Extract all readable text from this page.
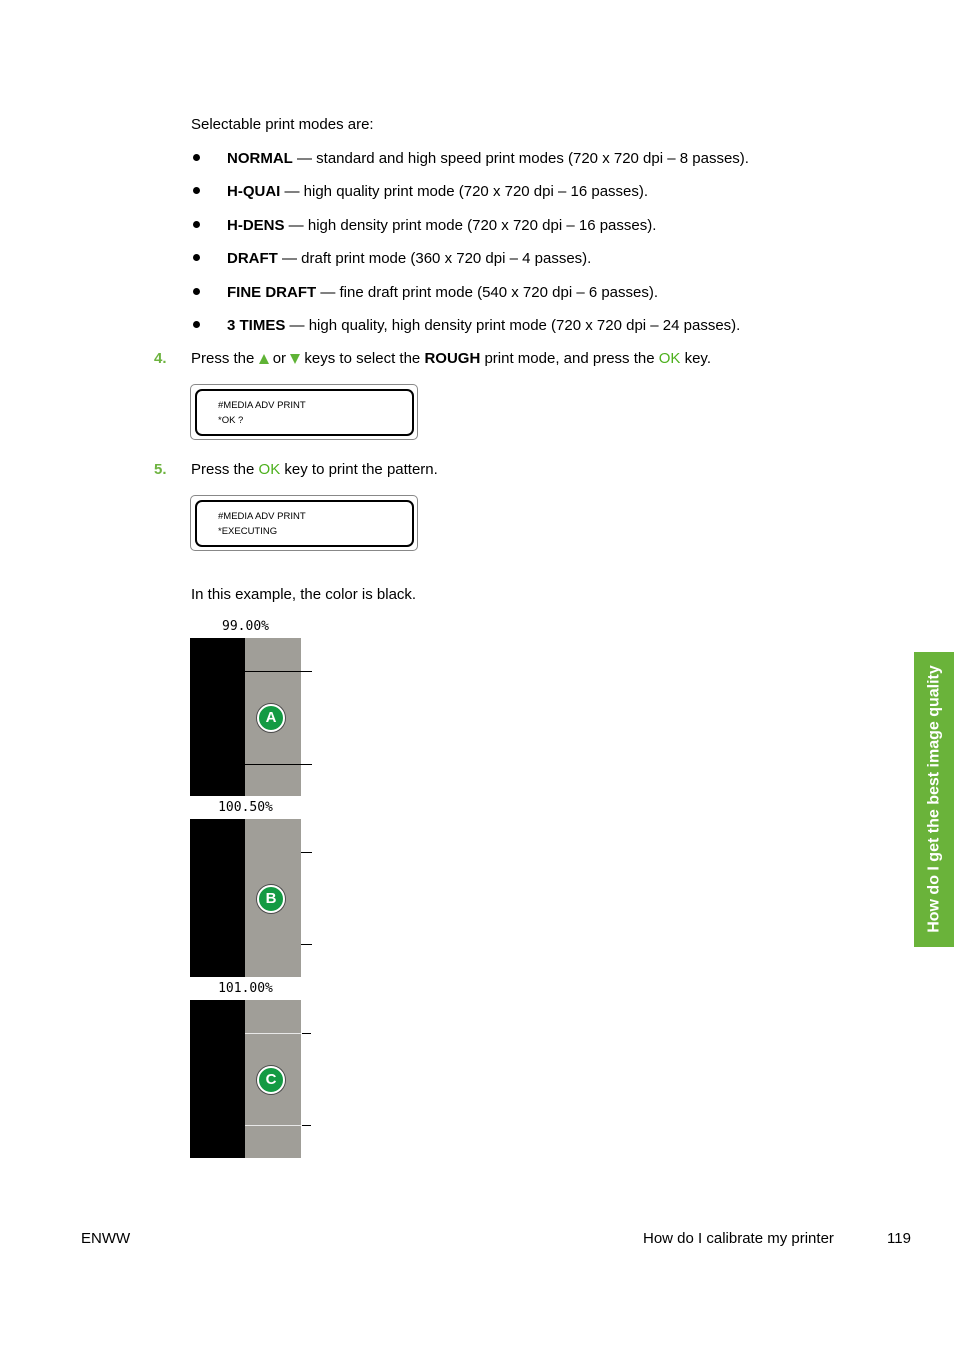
Selectable print modes are:
NORMAL — standard and high speed print modes (720 x 720 dpi – 8 passes).
H-QUAI — high quality print mode (720 x 720 dpi – 16 passes).
H-DENS — high density print mode (720 x 720 dpi – 16 passes).
DRAFT — draft print mode (360 x 720 dpi – 4 passes).
FINE DRAFT — fine draft print mode (540 x 720 dpi – 6 passes).
3 TIMES — high quality, high density print mode (720 x 720 dpi – 24 passes).
4. Press the  or  keys to select the ROUGH print mode, and press the OK key.
#MEDIA ADV PRINT
*OK ?
5. Press the OK key to print the pattern.
#MEDIA ADV PRINT
*EXECUTING
In this example, the color is black.
99.00%
A
100.50%
B
101.00%
C
How do I get the best image quality
ENWW	How do I calibrate my printer	119
